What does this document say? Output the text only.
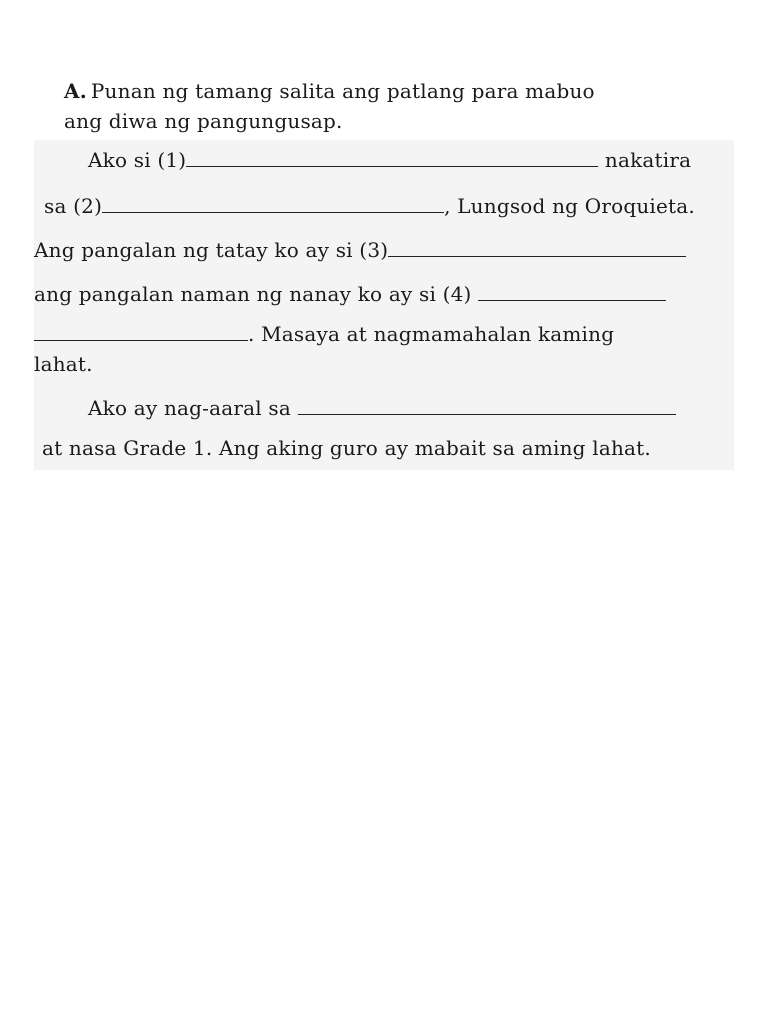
A. Punan ng tamang salita ang patlang para mabuo
ang diwa ng pangungusap.
Ako si (1)	nakatira
sa (2)	, Lungsod ng Oroquieta.
Ang pangalan ng tatay ko ay si (3)
ang pangalan naman ng nanay ko ay si (4)
. Masaya at nagmamahalan kaming
lahat.
Ako ay nag-aaral sa
at nasa Grade 1. Ang aking guro ay mabait sa aming lahat.
